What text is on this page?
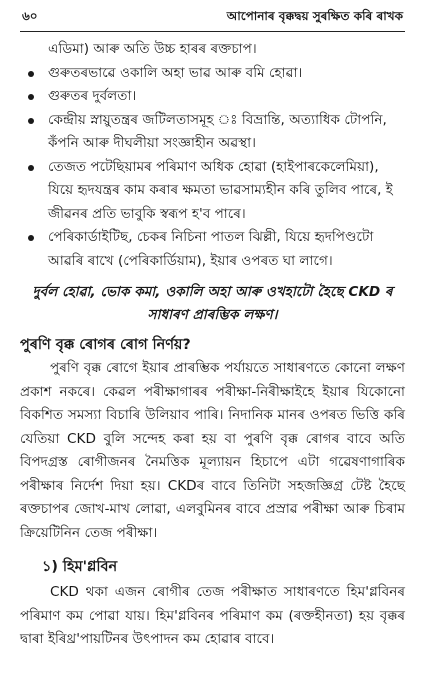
৬০	আপোনাৰ বৃক্কদ্বয় সুৰক্ষিত কৰি ৰাখক

এডিমা) আৰু অতি উচ্চ হাৰৰ ৰক্তচাপ।

গুৰুতৰভাৱে ওকালি অহা ভাৱ আৰু বমি হোৱা।
গুৰুতৰ দুৰ্বলতা।
কেন্দ্ৰীয় স্নায়ুতন্ত্ৰৰ জটিলতাসমূহ ঃ বিভ্ৰান্তি, অত্যাধিক টোপনি, কঁপনি আৰু দীঘলীয়া সংজ্ঞাহীন অৱস্থা।
তেজত পটেছিয়ামৰ পৰিমাণ অধিক হোৱা (হাইপাৰকেলেমিয়া), যিয়ে হৃদযন্ত্ৰৰ কাম কৰাৰ ক্ষমতা ভাৱসাম্যহীন কৰি তুলিব পাৰে, ই জীৱনৰ প্ৰতি ভাবুকি স্বৰূপ হ'ব পাৰে।
পেৰিকাৰ্ডাইটিছ, চেকৰ নিচিনা পাতল ঝিল্লী, যিয়ে হৃদপিণ্ডটো আৱৰি ৰাখে (পেৰিকাৰ্ডিয়াম), ইয়াৰ ওপৰত ঘা লাগে।

দুৰ্বল হোৱা, ভোক কমা, ওকালি অহা আৰু ওখহাটো হৈছে CKD ৰ সাধাৰণ প্ৰাৰম্ভিক লক্ষণ।

পুৰণি বৃক্ক ৰোগৰ ৰোগ নিৰ্ণয়?

পুৰণি বৃক্ক ৰোগে ইয়াৰ প্ৰাৰম্ভিক পৰ্যায়তে সাধাৰণতে কোনো লক্ষণ প্ৰকাশ নকৰে। কেৱল পৰীক্ষাগাৰৰ পৰীক্ষা-নিৰীক্ষাইহে ইয়াৰ যিকোনো বিকশিত সমস্যা বিচাৰি উলিয়াব পাৰি। নিদানিক মানৰ ওপৰত ভিত্তি কৰি যেতিয়া CKD বুলি সন্দেহ কৰা হয় বা পুৰণি বৃক্ক ৰোগৰ বাবে অতি বিপদগ্ৰস্ত ৰোগীজনৰ নৈমত্তিক মূল্যায়ন হিচাপে এটা গৱেষণাগাৰিক পৰীক্ষাৰ নিৰ্দেশ দিয়া হয়। CKDৰ বাবে তিনিটা সহজজ্ঞিগ্ৰ টেষ্ট হৈছে ৰক্তচাপৰ জোখ-মাখ লোৱা, এলবুমিনৰ বাবে প্ৰস্ৰাৱ পৰীক্ষা আৰু চিৰাম ক্ৰিয়েটিনিন তেজ পৰীক্ষা।

১) হিম'গ্লবিন

CKD থকা এজন ৰোগীৰ তেজ পৰীক্ষাত সাধাৰণতে হিম'গ্লবিনৰ পৰিমাণ কম পোৱা যায়। হিম'গ্লবিনৰ পৰিমাণ কম (ৰক্তহীনতা) হয় বৃক্কৰ দ্বাৰা ইৰিথ্ৰ'পায়টিনৰ উৎপাদন কম হোৱাৰ বাবে।
